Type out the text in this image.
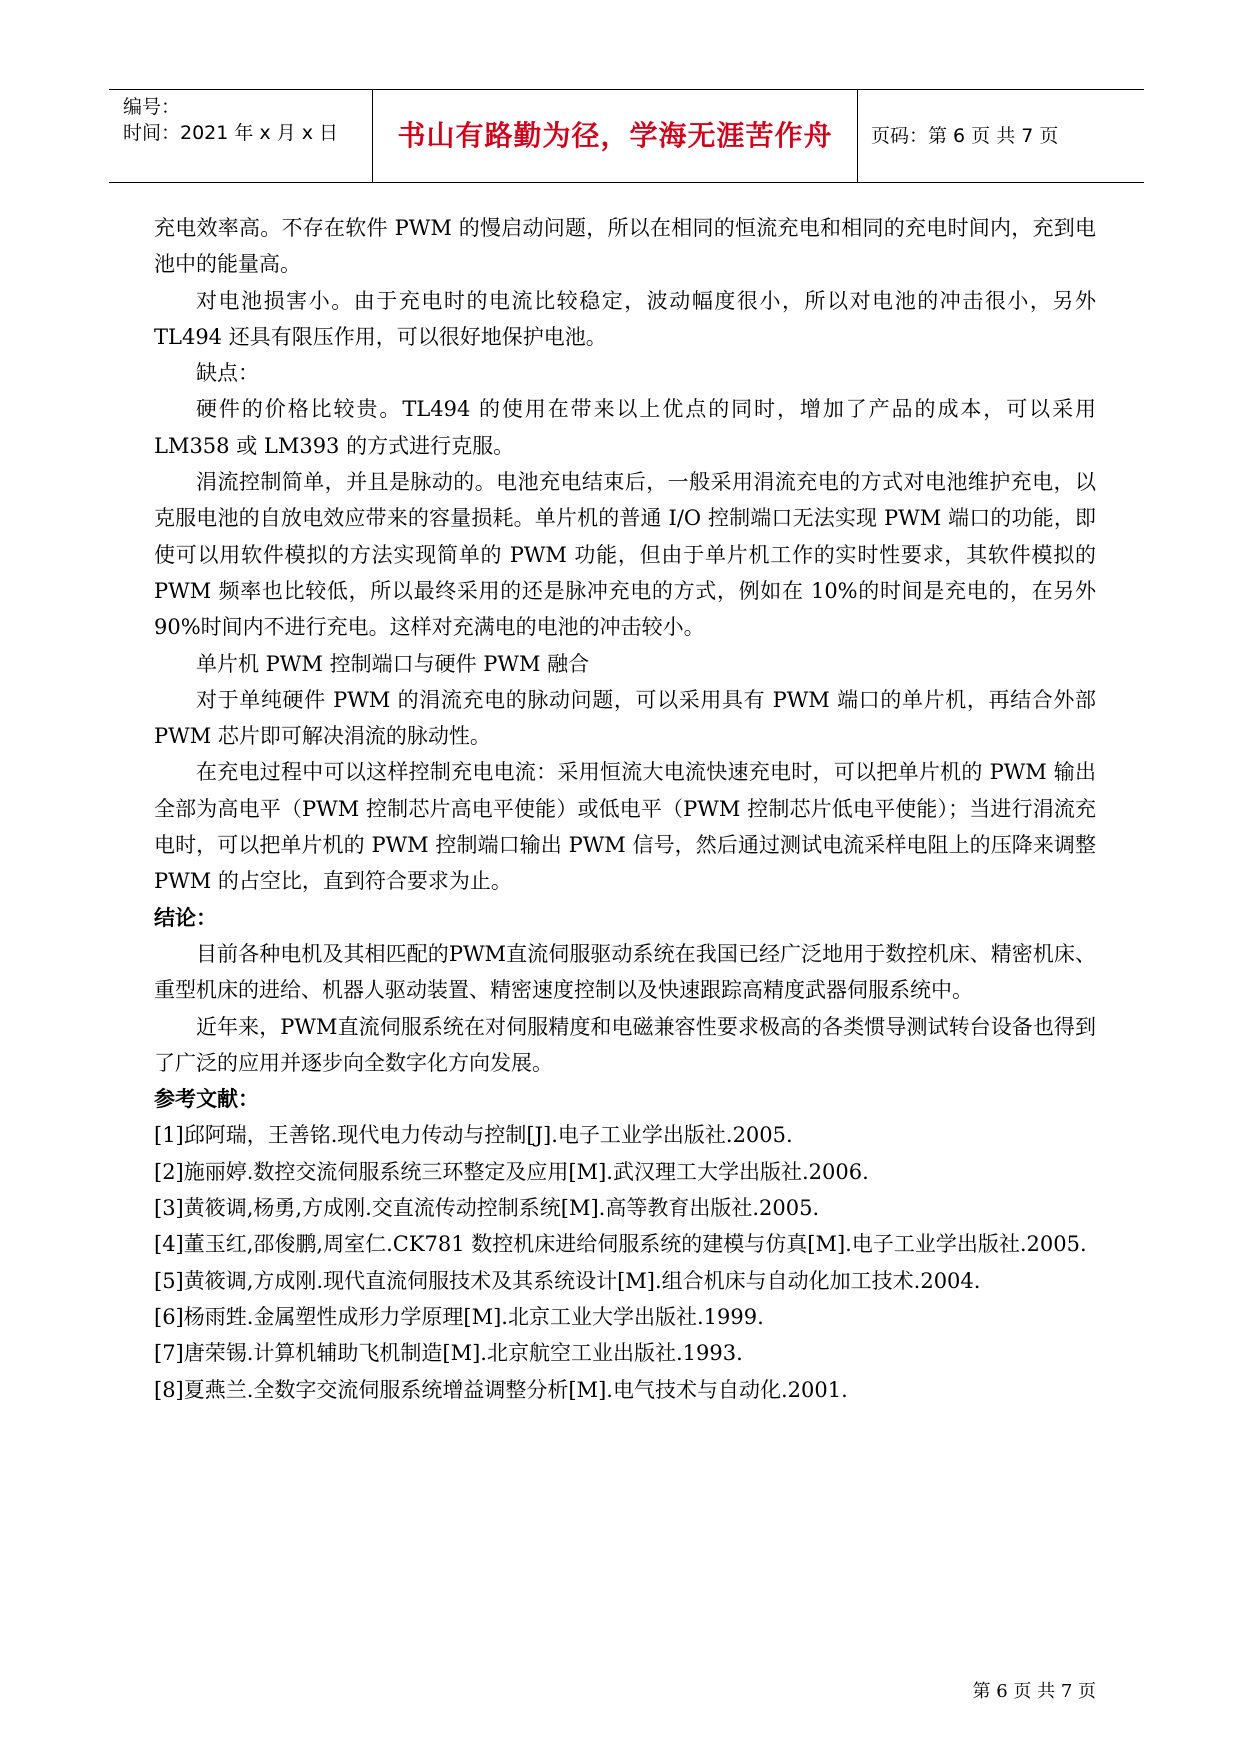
编号：
时间：2021 年 x 月 x 日	书山有路勤为径，学海无涯苦作舟	页码：第 6 页 共 7 页

充电效率高。不存在软件 PWM 的慢启动问题，所以在相同的恒流充电和相同的充电时间内，充到电池中的能量高。

对电池损害小。由于充电时的电流比较稳定，波动幅度很小，所以对电池的冲击很小，另外 TL494 还具有限压作用，可以很好地保护电池。

缺点：

硬件的价格比较贵。TL494 的使用在带来以上优点的同时，增加了产品的成本，可以采用 LM358 或 LM393 的方式进行克服。

涓流控制简单，并且是脉动的。电池充电结束后，一般采用涓流充电的方式对电池维护充电，以克服电池的自放电效应带来的容量损耗。单片机的普通 I/O 控制端口无法实现 PWM 端口的功能，即使可以用软件模拟的方法实现简单的 PWM 功能，但由于单片机工作的实时性要求，其软件模拟的 PWM 频率也比较低，所以最终采用的还是脉冲充电的方式，例如在 10%的时间是充电的，在另外 90%时间内不进行充电。这样对充满电的电池的冲击较小。

单片机 PWM 控制端口与硬件 PWM 融合

对于单纯硬件 PWM 的涓流充电的脉动问题，可以采用具有 PWM 端口的单片机，再结合外部 PWM 芯片即可解决涓流的脉动性。

在充电过程中可以这样控制充电电流：采用恒流大电流快速充电时，可以把单片机的 PWM 输出全部为高电平（PWM 控制芯片高电平使能）或低电平（PWM 控制芯片低电平使能）；当进行涓流充电时，可以把单片机的 PWM 控制端口输出 PWM 信号，然后通过测试电流采样电阻上的压降来调整 PWM 的占空比，直到符合要求为止。

结论：

目前各种电机及其相匹配的PWM直流伺服驱动系统在我国已经广泛地用于数控机床、精密机床、重型机床的进给、机器人驱动装置、精密速度控制以及快速跟踪高精度武器伺服系统中。

近年来，PWM直流伺服系统在对伺服精度和电磁兼容性要求极高的各类惯导测试转台设备也得到了广泛的应用并逐步向全数字化方向发展。

参考文献：

[1]邱阿瑞，王善铭.现代电力传动与控制[J].电子工业学出版社.2005.

[2]施丽婷.数控交流伺服系统三环整定及应用[M].武汉理工大学出版社.2006.

[3]黄筱调,杨勇,方成刚.交直流传动控制系统[M].高等教育出版社.2005.

[4]董玉红,邵俊鹏,周室仁.CK781 数控机床进给伺服系统的建模与仿真[M].电子工业学出版社.2005.

[5]黄筱调,方成刚.现代直流伺服技术及其系统设计[M].组合机床与自动化加工技术.2004.

[6]杨雨甡.金属塑性成形力学原理[M].北京工业大学出版社.1999.

[7]唐荣锡.计算机辅助飞机制造[M].北京航空工业出版社.1993.

[8]夏燕兰.全数字交流伺服系统增益调整分析[M].电气技术与自动化.2001.

第 6 页 共 7 页
